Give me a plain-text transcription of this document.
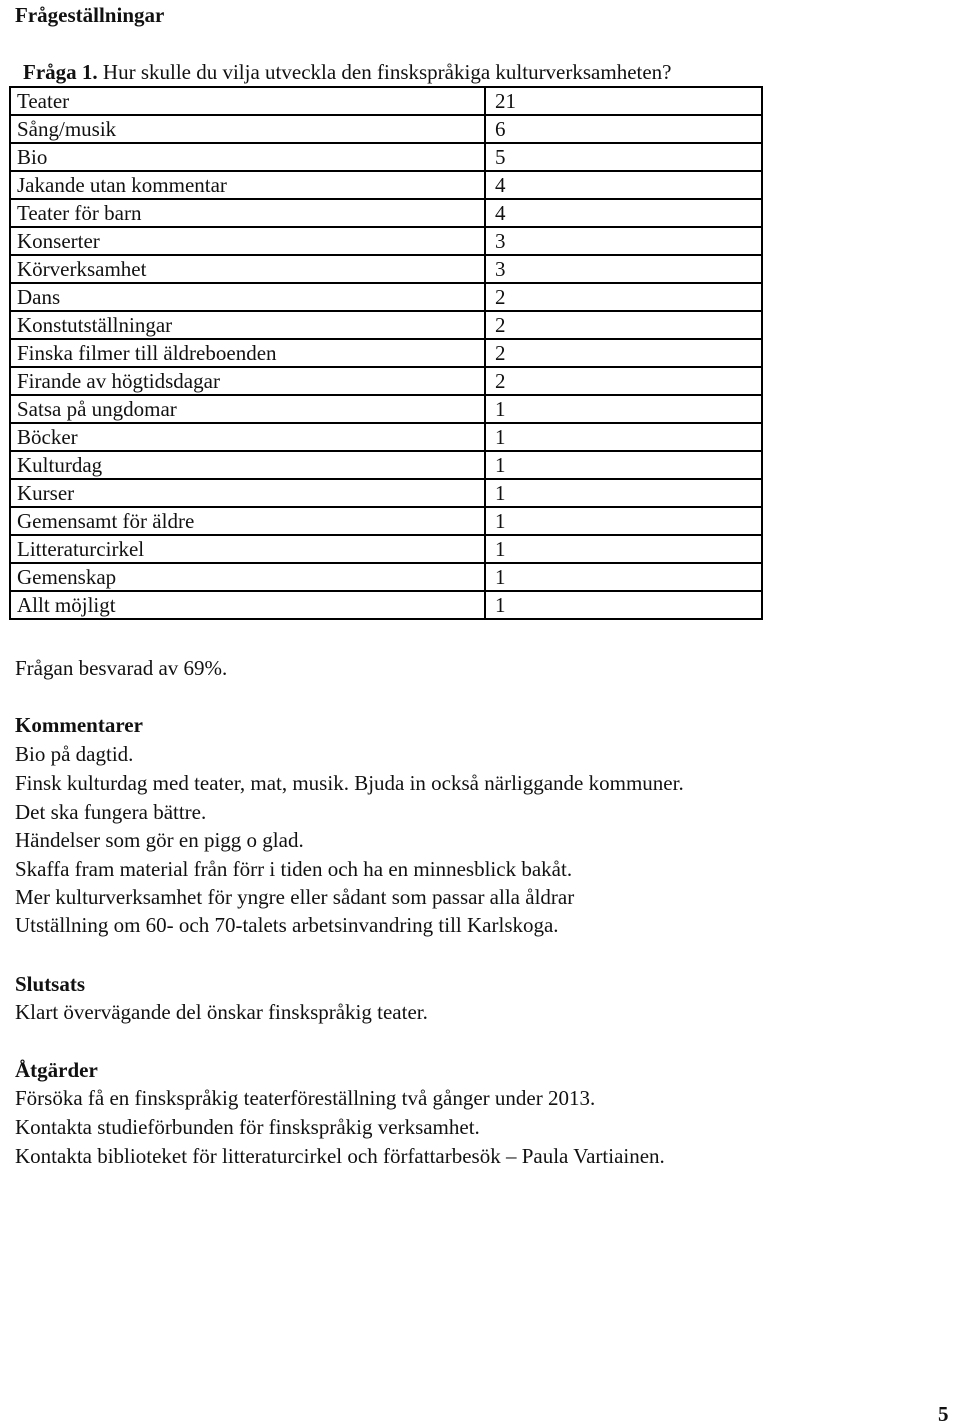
Frågeställningar
Fråga 1. Hur skulle du vilja utveckla den finskspråkiga kulturverksamheten?
Teater	21
Sång/musik	6
Bio	5
Jakande utan kommentar	4
Teater för barn	4
Konserter	3
Körverksamhet	3
Dans	2
Konstutställningar	2
Finska filmer till äldreboenden	2
Firande av högtidsdagar	2
Satsa på ungdomar	1
Böcker	1
Kulturdag	1
Kurser	1
Gemensamt för äldre	1
Litteraturcirkel	1
Gemenskap	1
Allt möjligt	1
Frågan besvarad av 69%.
Kommentarer
Bio på dagtid.
Finsk kulturdag med teater, mat, musik. Bjuda in också närliggande kommuner.
Det ska fungera bättre.
Händelser som gör en pigg o glad.
Skaffa fram material från förr i tiden och ha en minnesblick bakåt.
Mer kulturverksamhet för yngre eller sådant som passar alla åldrar
Utställning om 60- och 70-talets arbetsinvandring till Karlskoga.
Slutsats
Klart övervägande del önskar finskspråkig teater.
Åtgärder
Försöka få en finskspråkig teaterföreställning två gånger under 2013.
Kontakta studieförbunden för finskspråkig verksamhet.
Kontakta biblioteket för litteraturcirkel och författarbesök – Paula Vartiainen.
5
